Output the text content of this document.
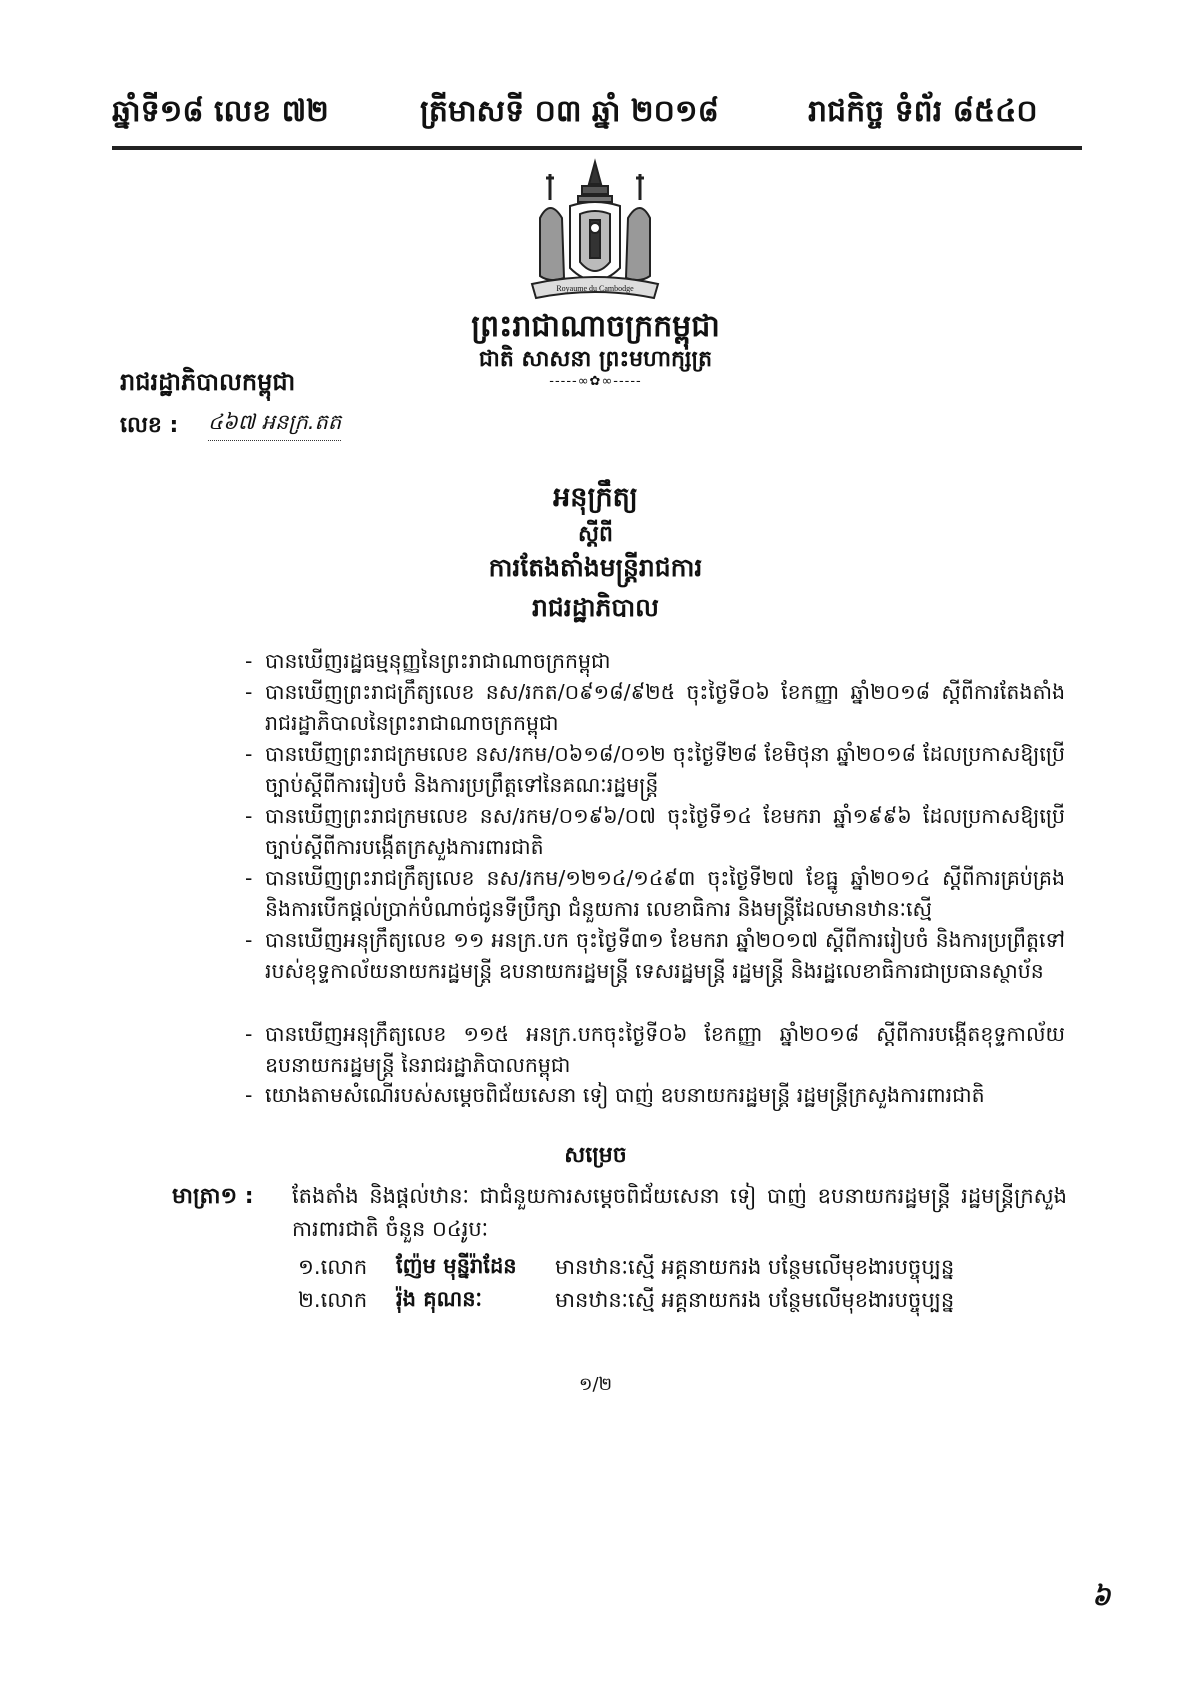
ឆ្នាំទី១៨ លេខ ៧២	ត្រីមាសទី ០៣ ឆ្នាំ ២០១៨	រាជកិច្ច ទំព័រ ៨៥៤០
Royaume du Cambodge
ព្រះរាជាណាចក្រកម្ពុជា
ជាតិ សាសនា ព្រះមហាក្សត្រ
-----∞✿∞-----
រាជរដ្ឋាភិបាលកម្ពុជា
លេខ : ៤៦៧ អនក្រ.តត
អនុក្រឹត្យ
ស្តីពី
ការតែងតាំងមន្ត្រីរាជការ
រាជរដ្ឋាភិបាល
- បានឃើញរដ្ឋធម្មនុញ្ញនៃព្រះរាជាណាចក្រកម្ពុជា
- បានឃើញព្រះរាជក្រឹត្យលេខ នស/រកត/០៩១៨/៩២៥ ចុះថ្ងៃទី០៦ ខែកញ្ញា ឆ្នាំ២០១៨ ស្តីពីការតែងតាំងរាជរដ្ឋាភិបាលនៃព្រះរាជាណាចក្រកម្ពុជា
- បានឃើញព្រះរាជក្រមលេខ នស/រកម/០៦១៨/០១២ ចុះថ្ងៃទី២៨ ខែមិថុនា ឆ្នាំ២០១៨ ដែលប្រកាសឱ្យប្រើច្បាប់ស្តីពីការរៀបចំ និងការប្រព្រឹត្តទៅនៃគណៈរដ្ឋមន្ត្រី
- បានឃើញព្រះរាជក្រមលេខ នស/រកម/០១៩៦/០៧ ចុះថ្ងៃទី១៤ ខែមករា ឆ្នាំ១៩៩៦ ដែលប្រកាសឱ្យប្រើច្បាប់ស្តីពីការបង្កើតក្រសួងការពារជាតិ
- បានឃើញព្រះរាជក្រឹត្យលេខ នស/រកម/១២១៤/១៤៩៣ ចុះថ្ងៃទី២៧ ខែធ្នូ ឆ្នាំ២០១៤ ស្តីពីការគ្រប់គ្រង និងការបើកផ្តល់ប្រាក់បំណាច់ជូនទីប្រឹក្សា ជំនួយការ លេខាធិការ និងមន្ត្រីដែលមានឋានៈស្មើ
- បានឃើញអនុក្រឹត្យលេខ ១១ អនក្រ.បក ចុះថ្ងៃទី៣១ ខែមករា ឆ្នាំ២០១៧ ស្តីពីការរៀបចំ និងការប្រព្រឹត្តទៅរបស់ខុទ្ទកាល័យនាយករដ្ឋមន្ត្រី ឧបនាយករដ្ឋមន្ត្រី ទេសរដ្ឋមន្ត្រី រដ្ឋមន្ត្រី និងរដ្ឋលេខាធិការជាប្រធានស្ថាប័ន
- បានឃើញអនុក្រឹត្យលេខ ១១៥ អនក្រ.បកចុះថ្ងៃទី០៦ ខែកញ្ញា ឆ្នាំ២០១៨ ស្តីពីការបង្កើតខុទ្ទកាល័យឧបនាយករដ្ឋមន្ត្រី នៃរាជរដ្ឋាភិបាលកម្ពុជា
- យោងតាមសំណើរបស់សម្តេចពិជ័យសេនា ទៀ បាញ់ ឧបនាយករដ្ឋមន្ត្រី រដ្ឋមន្ត្រីក្រសួងការពារជាតិ
សម្រេច
មាត្រា១ : តែងតាំង និងផ្តល់ឋានៈ ជាជំនួយការសម្តេចពិជ័យសេនា ទៀ បាញ់ ឧបនាយករដ្ឋមន្ត្រី រដ្ឋមន្ត្រីក្រសួងការពារជាតិ ចំនួន ០៤រូបៈ
១.លោក ញ៉ែម មុន្នីរ៉ាដែន មានឋានៈស្មើ អគ្គនាយករង បន្ថែមលើមុខងារបច្ចុប្បន្ន
២.លោក រ៉ុង គុណនៈ	មានឋានៈស្មើ អគ្គនាយករង បន្ថែមលើមុខងារបច្ចុប្បន្ន
១/២
៦
